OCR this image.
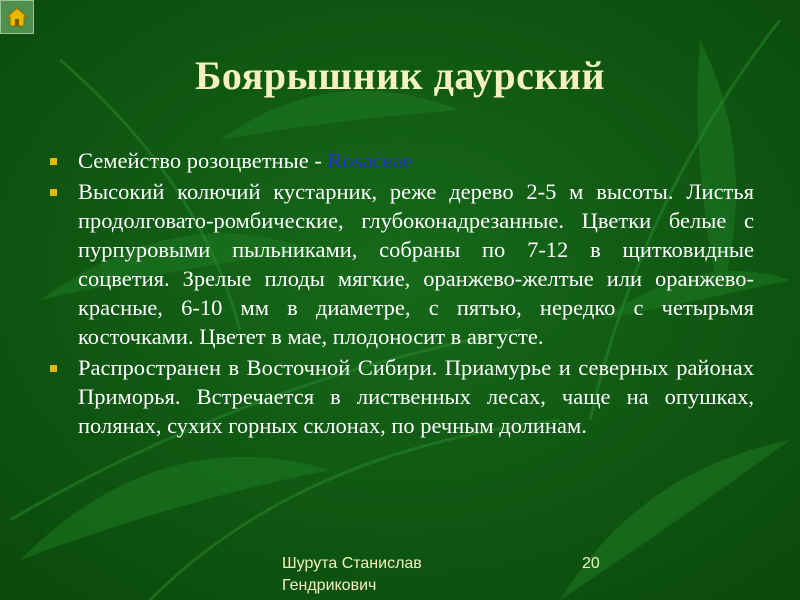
Боярышник даурский
Семейство розоцветные - Rosaceae
Высокий колючий кустарник, реже дерево 2-5 м высоты. Листья продолговато-ромбические, глубоконадрезанные. Цветки белые с пурпуровыми пыльниками, собраны по 7-12 в щитковидные соцветия. Зрелые плоды мягкие, оранжево-желтые или оранжево-красные, 6-10 мм в диаметре, с пятью, нередко с четырьмя косточками. Цветет в мае, плодоносит в августе.
Распространен в Восточной Сибири. Приамурье и северных районах Приморья. Встречается в лиственных лесах, чаще на опушках, полянах, сухих горных склонах, по речным долинам.
Шурута Станислав Гендрикович
20
